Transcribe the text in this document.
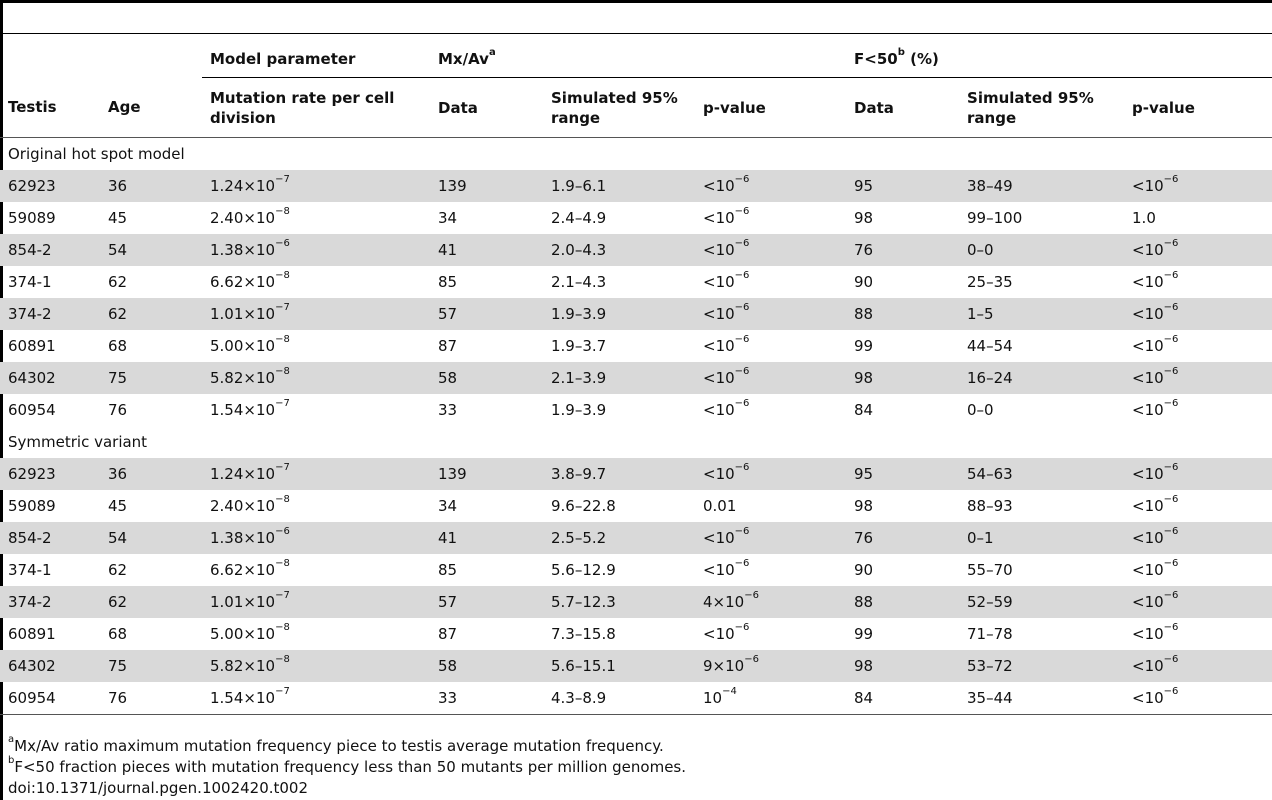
		Model parameter	Mx/Av$^a$			$F<50^b$ (%)		
Testis	Age	Mutation rate per cell division	Data	Simulated 95% range	p-value	Data	Simulated 95% range	p-value
Original hot spot model								
62923	36	$1.24\times 10^{-7}$	139	1.9–6.1	$<10^{-6}$	95	38–49	$<10^{-6}$
59089	45	$2.40\times 10^{-8}$	34	2.4–4.9	$<10^{-6}$	98	99–100	1.0
854-2	54	$1.38\times 10^{-6}$	41	2.0–4.3	$<10^{-6}$	76	0–0	$<10^{-6}$
374-1	62	$6.62\times 10^{-8}$	85	2.1–4.3	$<10^{-6}$	90	25–35	$<10^{-6}$
374-2	62	$1.01\times 10^{-7}$	57	1.9–3.9	$<10^{-6}$	88	1–5	$<10^{-6}$
60891	68	$5.00\times 10^{-8}$	87	1.9–3.7	$<10^{-6}$	99	44–54	$<10^{-6}$
64302	75	$5.82\times 10^{-8}$	58	2.1–3.9	$<10^{-6}$	98	16–24	$<10^{-6}$
60954	76	$1.54\times 10^{-7}$	33	1.9–3.9	$<10^{-6}$	84	0–0	$<10^{-6}$
Symmetric variant								
62923	36	$1.24\times 10^{-7}$	139	3.8–9.7	$<10^{-6}$	95	54–63	$<10^{-6}$
59089	45	$2.40\times 10^{-8}$	34	9.6–22.8	0.01	98	88–93	$<10^{-6}$
854-2	54	$1.38\times 10^{-6}$	41	2.5–5.2	$<10^{-6}$	76	0–1	$<10^{-6}$
374-1	62	$6.62\times 10^{-8}$	85	5.6–12.9	$<10^{-6}$	90	55–70	$<10^{-6}$
374-2	62	$1.01\times 10^{-7}$	57	5.7–12.3	$4\times 10^{-6}$	88	52–59	$<10^{-6}$
60891	68	$5.00\times 10^{-8}$	87	7.3–15.8	$<10^{-6}$	99	71–78	$<10^{-6}$
64302	75	$5.82\times 10^{-8}$	58	5.6–15.1	$9\times 10^{-6}$	98	53–72	$<10^{-6}$
60954	76	$1.54\times 10^{-7}$	33	4.3–8.9	$10^{-4}$	84	35–44	$<10^{-6}$

$^a$Mx/Av ratio maximum mutation frequency piece to testis average mutation frequency.
$^b$F<50 fraction pieces with mutation frequency less than 50 mutants per million genomes.
doi:10.1371/journal.pgen.1002420.t002
